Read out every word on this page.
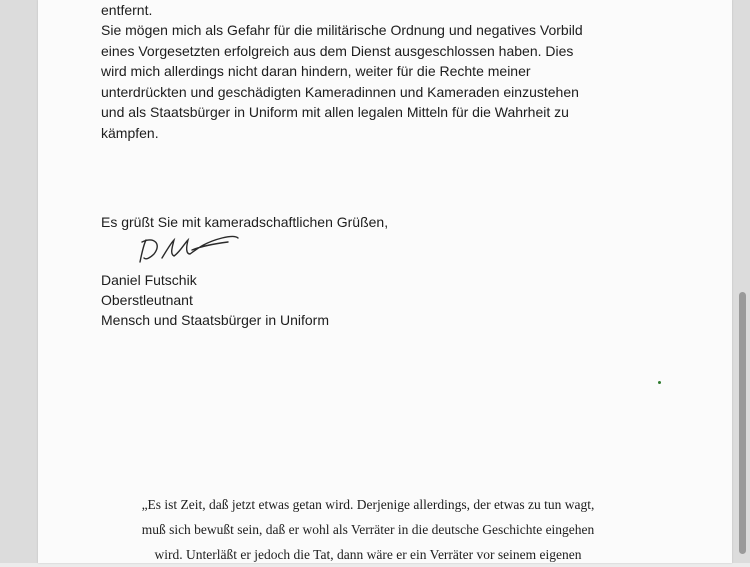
entfernt.
Sie mögen mich als Gefahr für die militärische Ordnung und negatives Vorbild
eines Vorgesetzten erfolgreich aus dem Dienst ausgeschlossen haben. Dies
wird mich allerdings nicht daran hindern, weiter für die Rechte meiner
unterdrückten und geschädigten Kameradinnen und Kameraden einzustehen
und als Staatsbürger in Uniform mit allen legalen Mitteln für die Wahrheit zu
kämpfen.
Es grüßt Sie mit kameradschaftlichen Grüßen,
Daniel Futschik
Oberstleutnant
Mensch und Staatsbürger in Uniform
„Es ist Zeit, daß jetzt etwas getan wird. Derjenige allerdings, der etwas zu tun wagt,
muß sich bewußt sein, daß er wohl als Verräter in die deutsche Geschichte eingehen
wird. Unterläßt er jedoch die Tat, dann wäre er ein Verräter vor seinem eigenen
